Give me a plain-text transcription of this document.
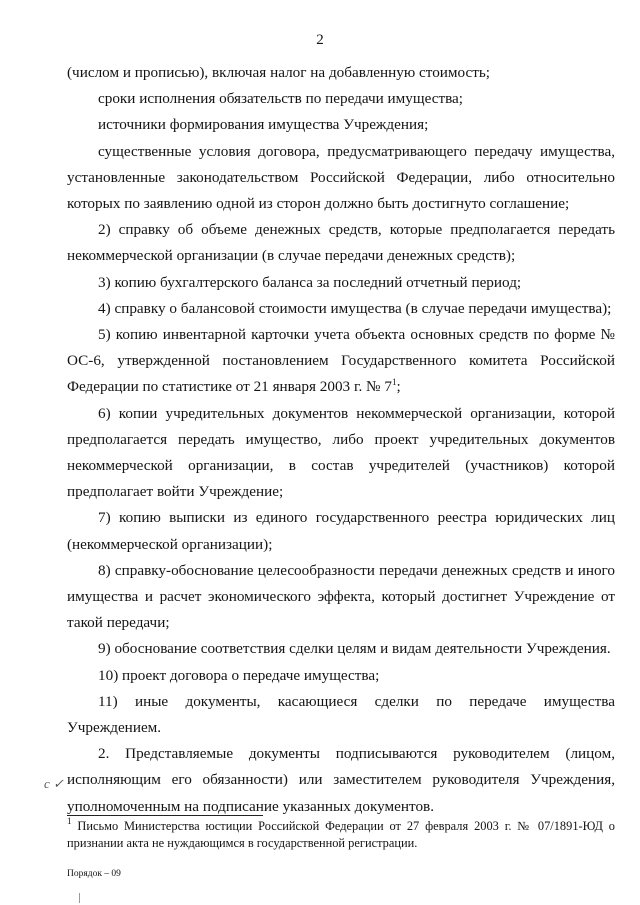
2

(числом и прописью), включая налог на добавленную стоимость;

сроки исполнения обязательств по передачи имущества;

источники формирования имущества Учреждения;

существенные условия договора, предусматривающего передачу имущества, установленные законодательством Российской Федерации, либо относительно которых по заявлению одной из сторон должно быть достигнуто соглашение;

2) справку об объеме денежных средств, которые предполагается передать некоммерческой организации (в случае передачи денежных средств);

3) копию бухгалтерского баланса за последний отчетный период;

4) справку о балансовой стоимости имущества (в случае передачи имущества);

5) копию инвентарной карточки учета объекта основных средств по форме № ОС-6, утвержденной постановлением Государственного комитета Российской Федерации по статистике от 21 января 2003 г. № $7^1$;

6) копии учредительных документов некоммерческой организации, которой предполагается передать имущество, либо проект учредительных документов некоммерческой организации, в состав учредителей (участников) которой предполагает войти Учреждение;

7) копию выписки из единого государственного реестра юридических лиц (некоммерческой организации);

8) справку-обоснование целесообразности передачи денежных средств и иного имущества и расчет экономического эффекта, который достигнет Учреждение от такой передачи;

9) обоснование соответствия сделки целям и видам деятельности Учреждения.

10) проект договора о передаче имущества;

11) иные документы, касающиеся сделки по передаче имущества Учреждением.

2. Представляемые документы подписываются руководителем (лицом, исполняющим его обязанности) или заместителем руководителя Учреждения, уполномоченным на подписание указанных документов.

с ✓
$^1$ Письмо Министерства юстиции Российской Федерации от 27 февраля 2003 г. № 07/1891-ЮД о признании акта не нуждающимся в государственной регистрации.
Порядок – 09
